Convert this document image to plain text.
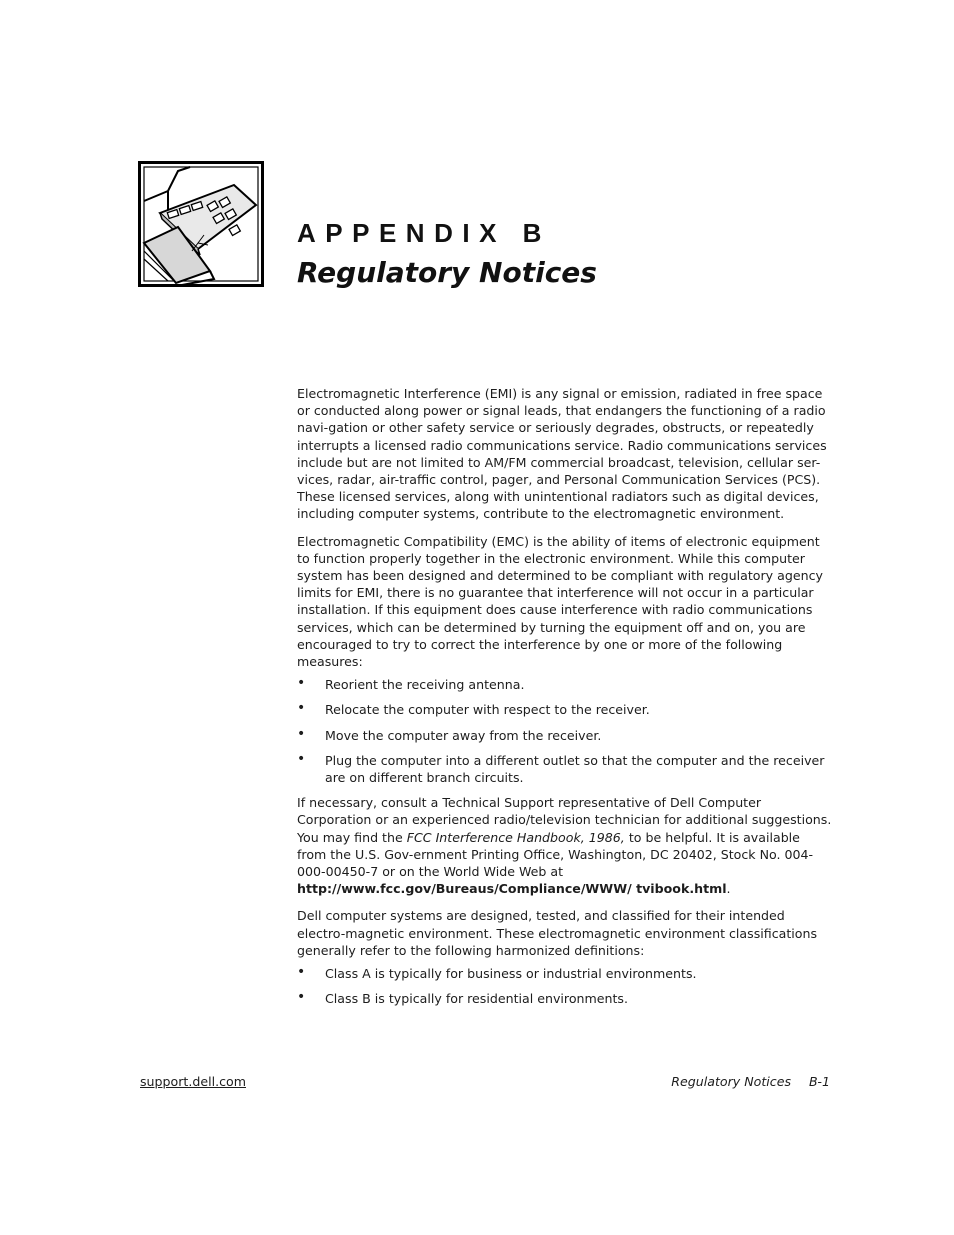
APPENDIX B
Regulatory Notices

Electromagnetic Interference (EMI) is any signal or emission, radiated in free space or conducted along power or signal leads, that endangers the functioning of a radio navi-gation or other safety service or seriously degrades, obstructs, or repeatedly interrupts a licensed radio communications service. Radio communications services include but are not limited to AM/FM commercial broadcast, television, cellular ser-vices, radar, air-traffic control, pager, and Personal Communication Services (PCS). These licensed services, along with unintentional radiators such as digital devices, including computer systems, contribute to the electromagnetic environment.

Electromagnetic Compatibility (EMC) is the ability of items of electronic equipment to function properly together in the electronic environment. While this computer system has been designed and determined to be compliant with regulatory agency limits for EMI, there is no guarantee that interference will not occur in a particular installation. If this equipment does cause interference with radio communications services, which can be determined by turning the equipment off and on, you are encouraged to try to correct the interference by one or more of the following measures:

• Reorient the receiving antenna.
• Relocate the computer with respect to the receiver.
• Move the computer away from the receiver.
• Plug the computer into a different outlet so that the computer and the receiver are on different branch circuits.

If necessary, consult a Technical Support representative of Dell Computer Corporation or an experienced radio/television technician for additional suggestions. You may find the FCC Interference Handbook, 1986, to be helpful. It is available from the U.S. Gov-ernment Printing Office, Washington, DC 20402, Stock No. 004-000-00450-7 or on the World Wide Web at http://www.fcc.gov/Bureaus/Compliance/WWW/ tvibook.html.

Dell computer systems are designed, tested, and classified for their intended electro-magnetic environment. These electromagnetic environment classifications generally refer to the following harmonized definitions:

• Class A is typically for business or industrial environments.
• Class B is typically for residential environments.
support.dell.com	Regulatory Notices B-1
